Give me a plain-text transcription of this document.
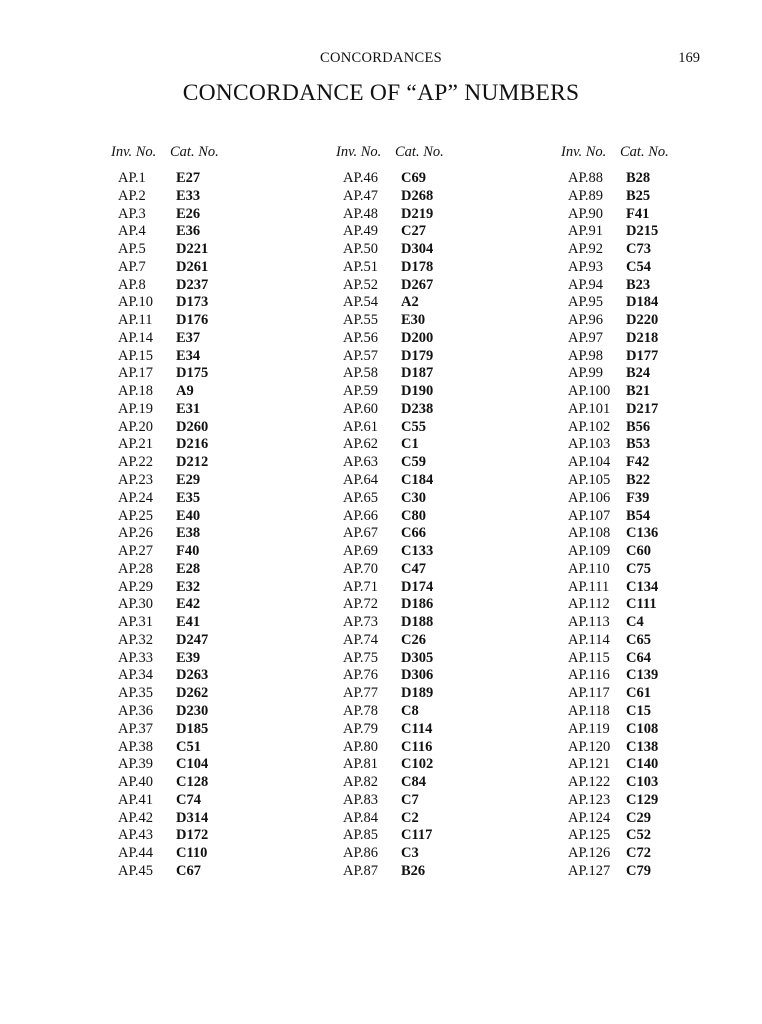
CONCORDANCES	169
CONCORDANCE OF “AP” NUMBERS
Inv. No. Cat. No.
AP.1 E27
AP.2 E33
AP.3 E26
AP.4 E36
AP.5 D221
AP.7 D261
AP.8 D237
AP.10 D173
AP.11 D176
AP.14 E37
AP.15 E34
AP.17 D175
AP.18 A9
AP.19 E31
AP.20 D260
AP.21 D216
AP.22 D212
AP.23 E29
AP.24 E35
AP.25 E40
AP.26 E38
AP.27 F40
AP.28 E28
AP.29 E32
AP.30 E42
AP.31 E41
AP.32 D247
AP.33 E39
AP.34 D263
AP.35 D262
AP.36 D230
AP.37 D185
AP.38 C51
AP.39 C104
AP.40 C128
AP.41 C74
AP.42 D314
AP.43 D172
AP.44 C110
AP.45 C67
Inv. No. Cat. No.
AP.46 C69
AP.47 D268
AP.48 D219
AP.49 C27
AP.50 D304
AP.51 D178
AP.52 D267
AP.54 A2
AP.55 E30
AP.56 D200
AP.57 D179
AP.58 D187
AP.59 D190
AP.60 D238
AP.61 C55
AP.62 C1
AP.63 C59
AP.64 C184
AP.65 C30
AP.66 C80
AP.67 C66
AP.69 C133
AP.70 C47
AP.71 D174
AP.72 D186
AP.73 D188
AP.74 C26
AP.75 D305
AP.76 D306
AP.77 D189
AP.78 C8
AP.79 C114
AP.80 C116
AP.81 C102
AP.82 C84
AP.83 C7
AP.84 C2
AP.85 C117
AP.86 C3
AP.87 B26
Inv. No. Cat. No.
AP.88 B28
AP.89 B25
AP.90 F41
AP.91 D215
AP.92 C73
AP.93 C54
AP.94 B23
AP.95 D184
AP.96 D220
AP.97 D218
AP.98 D177
AP.99 B24
AP.100 B21
AP.101 D217
AP.102 B56
AP.103 B53
AP.104 F42
AP.105 B22
AP.106 F39
AP.107 B54
AP.108 C136
AP.109 C60
AP.110 C75
AP.111 C134
AP.112 C111
AP.113 C4
AP.114 C65
AP.115 C64
AP.116 C139
AP.117 C61
AP.118 C15
AP.119 C108
AP.120 C138
AP.121 C140
AP.122 C103
AP.123 C129
AP.124 C29
AP.125 C52
AP.126 C72
AP.127 C79
